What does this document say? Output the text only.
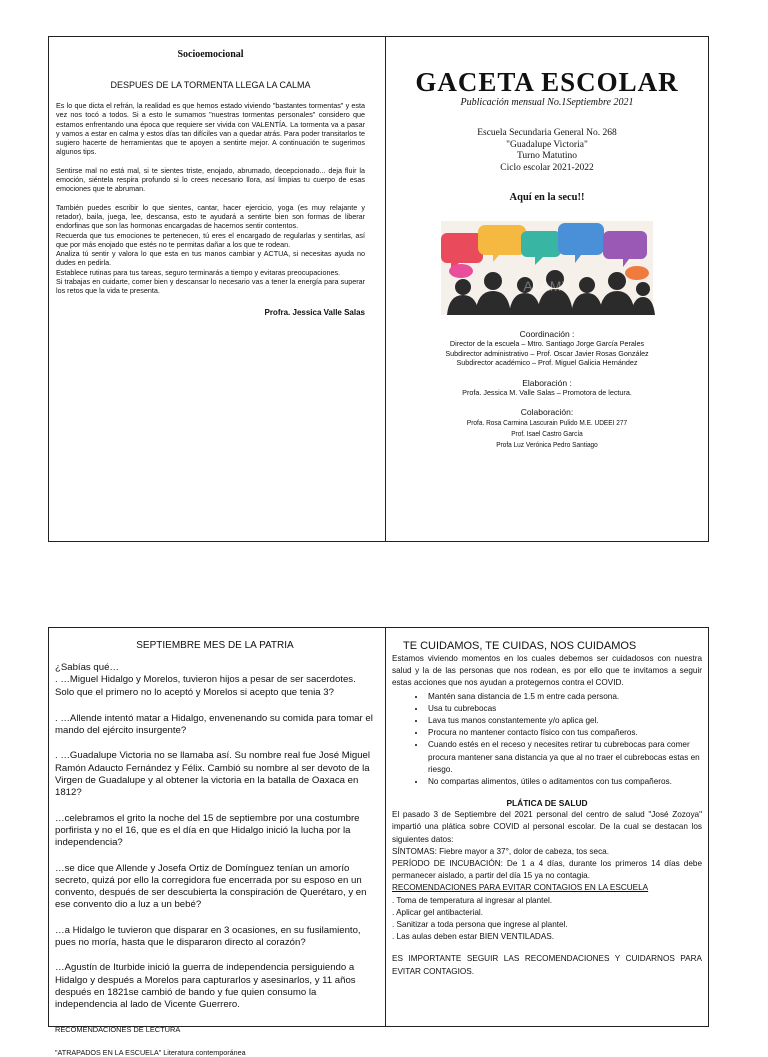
Socioemocional
DESPUES DE LA TORMENTA LLEGA LA CALMA

Es lo que dicta el refrán, la realidad es que hemos estado viviendo "bastantes tormentas" y esta vez nos tocó a todos. Si a esto le sumamos "nuestras tormentas personales" considero que estamos enfrentando una época que requiere ser vivida con VALENTÍA. La tormenta va a pasar y vamos a estar en calma y estos días tan difíciles van a quedar atrás. Para poder transitarlos te sugiero hacerte de herramientas que te apoyen a sentirte mejor. A continuación te sugerimos algunos tips.

Sentirse mal no está mal, si te sientes triste, enojado, abrumado, decepcionado... deja fluir la emoción, siéntela respira profundo si lo crees necesario llora, así limpias tu cuerpo de esas emociones que te abruman.

También puedes escribir lo que sientes, cantar, hacer ejercicio, yoga (es muy relajante y retador), baila, juega, lee, descansa, esto te ayudará a sentirte bien son formas de liberar endorfinas que son las hormonas encargadas de hacernos sentir contentos.

Recuerda que tus emociones te pertenecen, tú eres el encargado de regularlas y sentirlas, así que por más enojado que estés no te permitas dañar a los que te rodean.

Analiza tú sentir y valora lo que esta en tus manos cambiar y ACTUA, si necesitas ayuda no dudes en pedirla.

Establece rutinas para tus tareas, seguro terminarás a tiempo y evitaras preocupaciones.

Si trabajas en cuidarte, comer bien y descansar lo necesario vas a tener la energía para superar los retos que la vida te presenta.

Profra. Jessica Valle Salas
GACETA ESCOLAR
Publicación mensual No.1Septiembre 2021
Escuela Secundaria General No. 268
"Guadalupe Victoria"
Turno Matutino
Ciclo escolar 2021-2022
Aquí en la secu!!
ALAMY
Coordinación :
Director de la escuela – Mtro. Santiago Jorge García Perales
Subdirector administrativo – Prof. Oscar Javier Rosas González
Subdirector académico – Prof. Miguel Galicia Hernández
Elaboración :
Profa. Jessica M. Valle Salas – Promotora de lectura.
Colaboración:
Profa. Rosa Carmina Lascurain Pulido M.E. UDEEI 277
Prof. Isael Castro García
Profa Luz Verónica Pedro Santiago
SEPTIEMBRE MES DE LA PATRIA
¿Sabías qué…

. …Miguel Hidalgo y Morelos, tuvieron hijos a pesar de ser sacerdotes. Solo que el primero no lo aceptó y Morelos si acepto que tenia 3?

. …Allende intentó matar a Hidalgo, envenenando su comida para tomar el mando del ejército insurgente?

. …Guadalupe Victoria no se llamaba así. Su nombre real fue José Miguel Ramón Adaucto Fernández y Félix. Cambió su nombre al ser devoto de la Virgen de Guadalupe y al obtener la victoria en la batalla de Oaxaca en 1812?

…celebramos el grito la noche del 15 de septiembre por una costumbre porfirista y no el 16, que es el día en que Hidalgo inició la lucha por la independencia?

…se dice que Allende y Josefa Ortiz de Domínguez tenían un amorío secreto, quizá por ello la corregidora fue encerrada por su esposo en un convento, después de ser descubierta la conspiración de Querétaro, y en ese convento dio a luz a un bebé?

…a Hidalgo le tuvieron que disparar en 3 ocasiones, en su fusilamiento, pues no moría, hasta que le dispararon directo al corazón?

…Agustín de Iturbide inició la guerra de independencia persiguiendo a Hidalgo y después a Morelos para capturarlos y asesinarlos, y 11 años después en 1821se cambió de bando y fue quien consumo la independencia al lado de Vicente Guerrero.

RECOMENDACIONES DE LECTURA
"ATRAPADOS EN LA ESCUELA" Literatura contemporánea
TE CUIDAMOS, TE CUIDAS, NOS CUIDAMOS

Estamos viviendo momentos en los cuales debemos ser cuidadosos con nuestra salud y la de las personas que nos rodean, es por ello que te invitamos a seguir estas acciones que nos ayudan a protegernos contra el COVID.

• Mantén sana distancia de 1.5 m entre cada persona.
• Usa tu cubrebocas
• Lava tus manos constantemente y/o aplica gel.
• Procura no mantener contacto físico con tus compañeros.
• Cuando estés en el receso y necesites retirar tu cubrebocas para comer procura mantener sana distancia ya que al no traer el cubrebocas estas en riesgo.
• No compartas alimentos, útiles o aditamentos con tus compañeros.
PLÁTICA DE SALUD

El pasado 3 de Septiembre del 2021 personal del centro de salud "José Zozoya" impartió una plática sobre COVID al personal escolar. De la cual se destacan los siguientes datos:

SÍNTOMAS: Fiebre mayor a 37°, dolor de cabeza, tos seca.

PERÍODO DE INCUBACIÓN: De 1 a 4 días, durante los primeros 14 días debe permanecer aislado, a partir del día 15 ya no contagia.

RECOMENDACIONES PARA EVITAR CONTAGIOS EN LA ESCUELA
. Toma de temperatura al ingresar al plantel.
. Aplicar gel antibacterial.
. Sanitizar a toda persona que ingrese al plantel.
. Las aulas deben estar BIEN VENTILADAS.

ES IMPORTANTE SEGUIR LAS RECOMENDACIONES Y CUIDARNOS PARA EVITAR CONTAGIOS.
